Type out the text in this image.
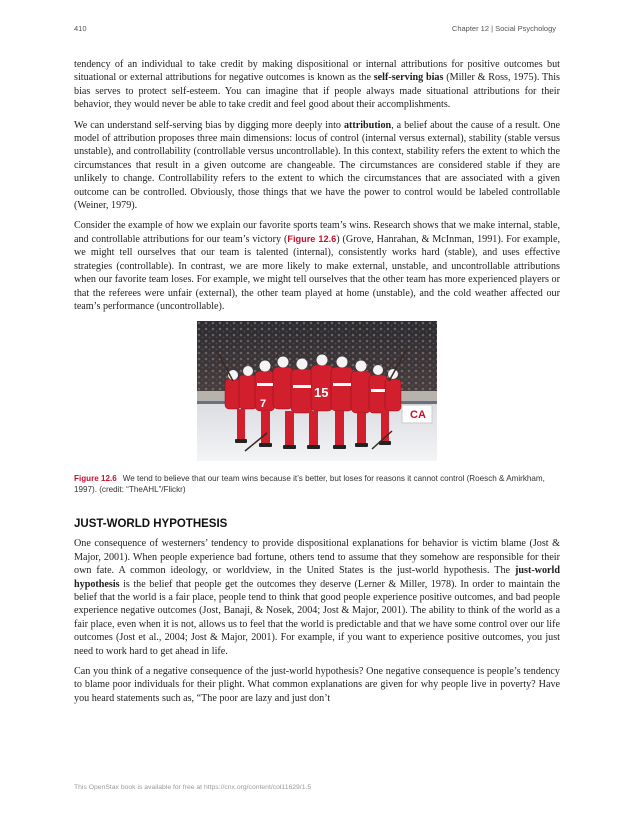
410	Chapter 12 | Social Psychology

tendency of an individual to take credit by making dispositional or internal attributions for positive outcomes but situational or external attributions for negative outcomes is known as the self-serving bias (Miller & Ross, 1975). This bias serves to protect self-esteem. You can imagine that if people always made situational attributions for their behavior, they would never be able to take credit and feel good about their accomplishments.

We can understand self-serving bias by digging more deeply into attribution, a belief about the cause of a result. One model of attribution proposes three main dimensions: locus of control (internal versus external), stability (stable versus unstable), and controllability (controllable versus uncontrollable). In this context, stability refers the extent to which the circumstances that result in a given outcome are changeable. The circumstances are considered stable if they are unlikely to change. Controllability refers to the extent to which the circumstances that are associated with a given outcome can be controlled. Obviously, those things that we have the power to control would be labeled controllable (Weiner, 1979).

Consider the example of how we explain our favorite sports team’s wins. Research shows that we make internal, stable, and controllable attributions for our team’s victory (Figure 12.6) (Grove, Hanrahan, & McInman, 1991). For example, we might tell ourselves that our team is talented (internal), consistently works hard (stable), and uses effective strategies (controllable). In contrast, we are more likely to make external, unstable, and uncontrollable attributions when our favorite team loses. For example, we might tell ourselves that the other team has more experienced players or that the referees were unfair (external), the other team played at home (unstable), and the cold weather affected our team’s performance (uncontrollable).

CA
15
7
Figure 12.6 We tend to believe that our team wins because it’s better, but loses for reasons it cannot control (Roesch & Amirkham, 1997). (credit: “TheAHL”/Flickr)
JUST-WORLD HYPOTHESIS

One consequence of westerners’ tendency to provide dispositional explanations for behavior is victim blame (Jost & Major, 2001). When people experience bad fortune, others tend to assume that they somehow are responsible for their own fate. A common ideology, or worldview, in the United States is the just-world hypothesis. The just-world hypothesis is the belief that people get the outcomes they deserve (Lerner & Miller, 1978). In order to maintain the belief that the world is a fair place, people tend to think that good people experience positive outcomes, and bad people experience negative outcomes (Jost, Banaji, & Nosek, 2004; Jost & Major, 2001). The ability to think of the world as a fair place, even when it is not, allows us to feel that the world is predictable and that we have some control over our life outcomes (Jost et al., 2004; Jost & Major, 2001). For example, if you want to experience positive outcomes, you just need to work hard to get ahead in life.

Can you think of a negative consequence of the just-world hypothesis? One negative consequence is people’s tendency to blame poor individuals for their plight. What common explanations are given for why people live in poverty? Have you heard statements such as, “The poor are lazy and just don’t

This OpenStax book is available for free at https://cnx.org/content/col11629/1.5
